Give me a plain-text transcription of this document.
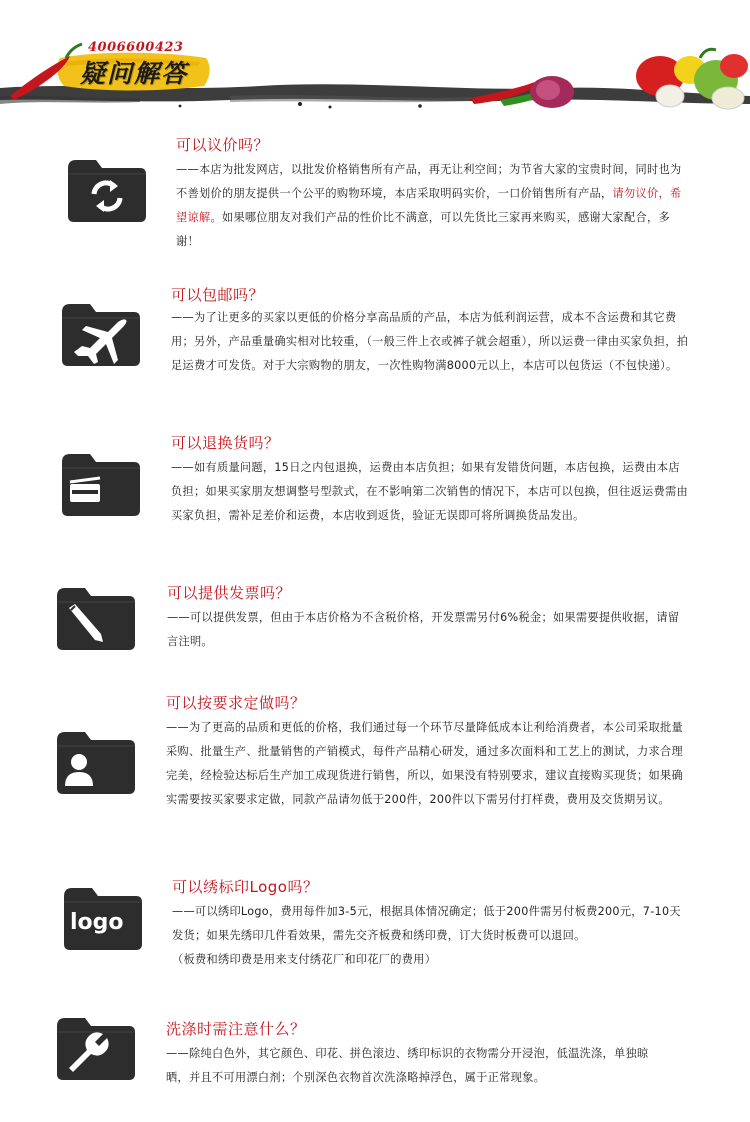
4006600423
疑问解答
可以议价吗？
——本店为批发网店，以批发价格销售所有产品，再无让利空间；为节省大家的宝贵时间，同时也为不善划价的朋友提供一个公平的购物环境，本店采取明码实价，一口价销售所有产品，请勿议价，希望谅解。如果哪位朋友对我们产品的性价比不满意，可以先货比三家再来购买，感谢大家配合，多谢！
可以包邮吗？
——为了让更多的买家以更低的价格分享高品质的产品，本店为低利润运营，成本不含运费和其它费用；另外，产品重量确实相对比较重，（一般三件上衣或裤子就会超重），所以运费一律由买家负担，拍足运费才可发货。对于大宗购物的朋友，一次性购物满8000元以上，本店可以包货运（不包快递）。
可以退换货吗？
——如有质量问题，15日之内包退换，运费由本店负担；如果有发错货问题，本店包换，运费由本店负担；如果买家朋友想调整号型款式，在不影响第二次销售的情况下，本店可以包换，但往返运费需由买家负担，需补足差价和运费，本店收到返货，验证无误即可将所调换货品发出。
可以提供发票吗？
——可以提供发票，但由于本店价格为不含税价格，开发票需另付6%税金；如果需要提供收据，请留言注明。
可以按要求定做吗？
——为了更高的品质和更低的价格，我们通过每一个环节尽量降低成本让利给消费者，本公司采取批量采购、批量生产、批量销售的产销模式，每件产品精心研发，通过多次面料和工艺上的测试，力求合理完美，经检验达标后生产加工成现货进行销售，所以，如果没有特别要求，建议直接购买现货；如果确实需要按买家要求定做，同款产品请勿低于200件，200件以下需另付打样费，费用及交货期另议。
logo
可以绣标印Logo吗？
——可以绣印Logo，费用每件加3-5元，根据具体情况确定；低于200件需另付板费200元，7-10天发货；如果先绣印几件看效果，需先交齐板费和绣印费，订大货时板费可以退回。
（板费和绣印费是用来支付绣花厂和印花厂的费用）
洗涤时需注意什么？
——除纯白色外，其它颜色、印花、拼色滚边、绣印标识的衣物需分开浸泡，低温洗涤，单独晾晒，并且不可用漂白剂；个别深色衣物首次洗涤略掉浮色，属于正常现象。
